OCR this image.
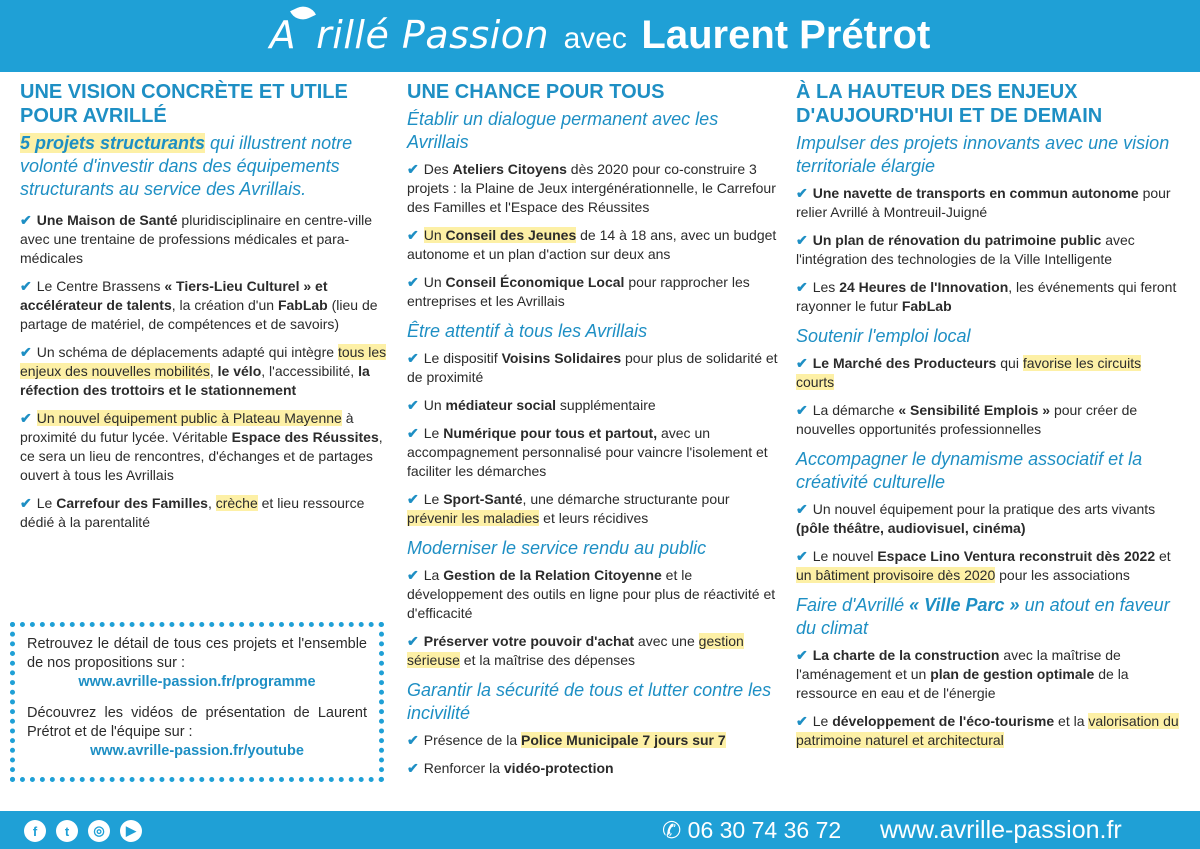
A rillé Passion avec Laurent Prétrot
UNE VISION CONCRÈTE ET UTILE POUR AVRILLÉ
5 projets structurants qui illustrent notre volonté d'investir dans des équipements structurants au service des Avrillais.
✔ Une Maison de Santé pluridisciplinaire en centre-ville avec une trentaine de professions médicales et para-médicales
✔ Le Centre Brassens « Tiers-Lieu Culturel » et accélérateur de talents, la création d'un FabLab (lieu de partage de matériel, de compétences et de savoirs)
✔ Un schéma de déplacements adapté qui intègre tous les enjeux des nouvelles mobilités, le vélo, l'accessibilité, la réfection des trottoirs et le stationnement
✔ Un nouvel équipement public à Plateau Mayenne à proximité du futur lycée. Véritable Espace des Réussites, ce sera un lieu de rencontres, d'échanges et de partages ouvert à tous les Avrillais
✔ Le Carrefour des Familles, crèche et lieu ressource dédié à la parentalité

Retrouvez le détail de tous ces projets et l'ensemble de nos propositions sur :

www.avrille-passion.fr/programme

Découvrez les vidéos de présentation de Laurent Prétrot et de l'équipe sur :

www.avrille-passion.fr/youtube
UNE CHANCE POUR TOUS
Établir un dialogue permanent avec les Avrillais
✔ Des Ateliers Citoyens dès 2020 pour co-construire 3 projets : la Plaine de Jeux intergénérationnelle, le Carrefour des Familles et l'Espace des Réussites
✔ Un Conseil des Jeunes de 14 à 18 ans, avec un budget autonome et un plan d'action sur deux ans
✔ Un Conseil Économique Local pour rapprocher les entreprises et les Avrillais
Être attentif à tous les Avrillais
✔ Le dispositif Voisins Solidaires pour plus de solidarité et de proximité
✔ Un médiateur social supplémentaire
✔ Le Numérique pour tous et partout, avec un accompagnement personnalisé pour vaincre l'isolement et faciliter les démarches
✔ Le Sport-Santé, une démarche structurante pour prévenir les maladies et leurs récidives
Moderniser le service rendu au public
✔ La Gestion de la Relation Citoyenne et le développement des outils en ligne pour plus de réactivité et d'efficacité
✔ Préserver votre pouvoir d'achat avec une gestion sérieuse et la maîtrise des dépenses
Garantir la sécurité de tous et lutter contre les incivilité
✔ Présence de la Police Municipale 7 jours sur 7
✔ Renforcer la vidéo-protection
À LA HAUTEUR DES ENJEUX D'AUJOURD'HUI ET DE DEMAIN
Impulser des projets innovants avec une vision territoriale élargie
✔ Une navette de transports en commun autonome pour relier Avrillé à Montreuil-Juigné
✔ Un plan de rénovation du patrimoine public avec l'intégration des technologies de la Ville Intelligente
✔ Les 24 Heures de l'Innovation, les événements qui feront rayonner le futur FabLab
Soutenir l'emploi local
✔ Le Marché des Producteurs qui favorise les circuits courts
✔ La démarche « Sensibilité Emplois » pour créer de nouvelles opportunités professionnelles
Accompagner le dynamisme associatif et la créativité culturelle
✔ Un nouvel équipement pour la pratique des arts vivants (pôle théâtre, audiovisuel, cinéma)
✔ Le nouvel Espace Lino Ventura reconstruit dès 2022 et un bâtiment provisoire dès 2020 pour les associations
Faire d'Avrillé « Ville Parc » un atout en faveur du climat
✔ La charte de la construction avec la maîtrise de l'aménagement et un plan de gestion optimale de la ressource en eau et de l'énergie
✔ Le développement de l'éco-tourisme et la valorisation du patrimoine naturel et architectural
f	t	◎	▶	✆ 06 30 74 36 72 www.avrille-passion.fr
